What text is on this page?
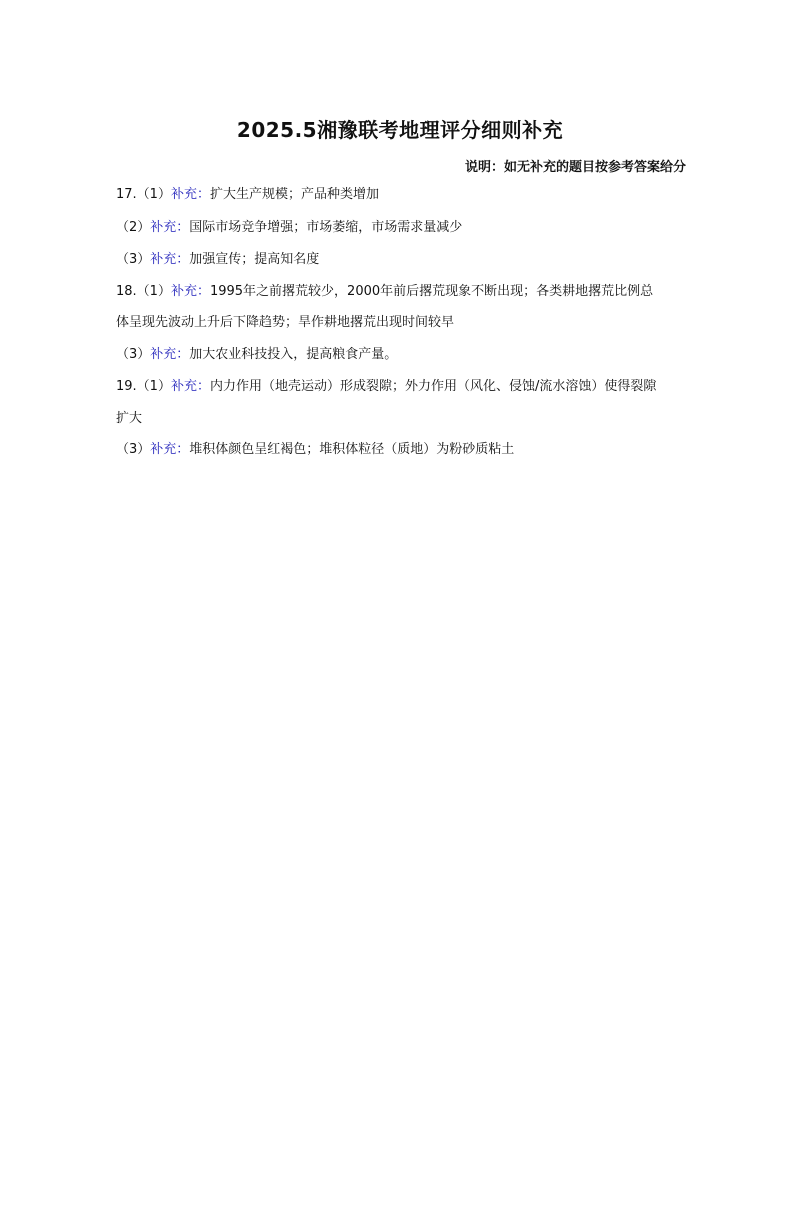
2025.5湘豫联考地理评分细则补充
说明：如无补充的题目按参考答案给分
17.（1）补充：扩大生产规模；产品种类增加
（2）补充：国际市场竞争增强；市场萎缩，市场需求量减少
（3）补充：加强宣传；提高知名度
18.（1）补充：1995年之前撂荒较少，2000年前后撂荒现象不断出现；各类耕地撂荒比例总
体呈现先波动上升后下降趋势；旱作耕地撂荒出现时间较早
（3）补充：加大农业科技投入，提高粮食产量。
19.（1）补充：内力作用（地壳运动）形成裂隙；外力作用（风化、侵蚀/流水溶蚀）使得裂隙
扩大
（3）补充：堆积体颜色呈红褐色；堆积体粒径（质地）为粉砂质粘土
